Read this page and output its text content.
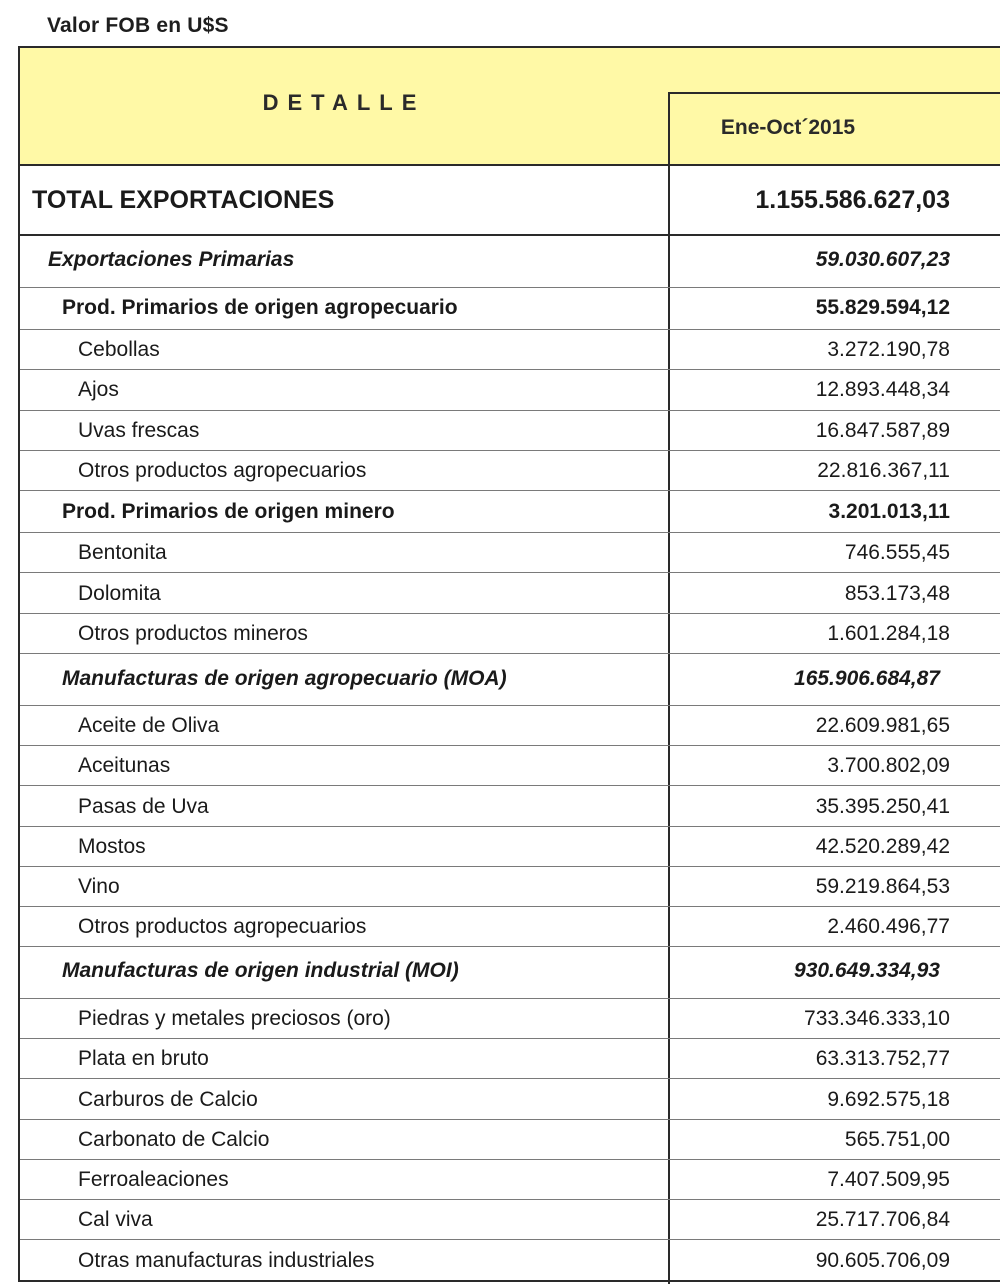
Valor FOB en U$S
DETALLE
Ene-Oct´2015
TOTAL EXPORTACIONES	1.155.586.627,03
Exportaciones Primarias	59.030.607,23
Prod. Primarios de origen agropecuario	55.829.594,12
Cebollas	3.272.190,78
Ajos	12.893.448,34
Uvas frescas	16.847.587,89
Otros productos agropecuarios	22.816.367,11
Prod. Primarios de origen minero	3.201.013,11
Bentonita	746.555,45
Dolomita	853.173,48
Otros productos mineros	1.601.284,18
Manufacturas de origen agropecuario (MOA)	165.906.684,87
Aceite de Oliva	22.609.981,65
Aceitunas	3.700.802,09
Pasas de Uva	35.395.250,41
Mostos	42.520.289,42
Vino	59.219.864,53
Otros productos agropecuarios	2.460.496,77
Manufacturas de origen industrial (MOI)	930.649.334,93
Piedras y metales preciosos (oro)	733.346.333,10
Plata en bruto	63.313.752,77
Carburos de Calcio	9.692.575,18
Carbonato de Calcio	565.751,00
Ferroaleaciones	7.407.509,95
Cal viva	25.717.706,84
Otras manufacturas industriales	90.605.706,09
